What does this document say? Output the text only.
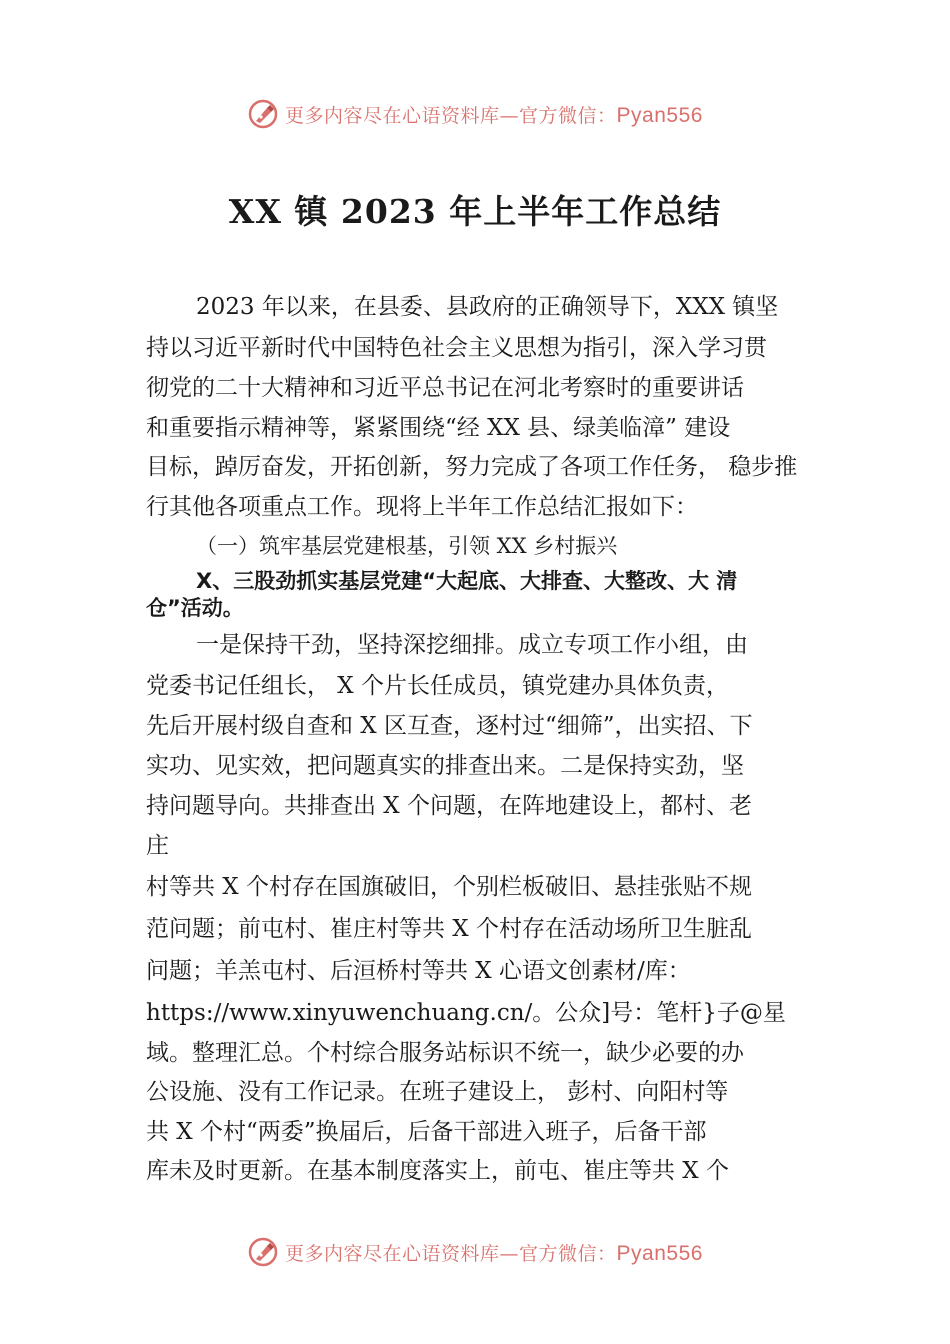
更多内容尽在心语资料库—官方微信：Pyan556
XX 镇 2023 年上半年工作总结

2023 年以来，在县委、县政府的正确领导下，XXX 镇坚

持以习近平新时代中国特色社会主义思想为指引，深入学习贯

彻党的二十大精神和习近平总书记在河北考察时的重要讲话

和重要指示精神等，紧紧围绕“经 XX 县、绿美临漳” 建设

目标，踔厉奋发，开拓创新，努力完成了各项工作任务， 稳步推

行其他各项重点工作。现将上半年工作总结汇报如下：

（一）筑牢基层党建根基，引领 XX 乡村振兴

X、三股劲抓实基层党建“大起底、大排查、大整改、大 清

仓”活动。

一是保持干劲，坚持深挖细排。成立专项工作小组，由

党委书记任组长， X 个片长任成员，镇党建办具体负责，

先后开展村级自查和 X 区互查，逐村过“细筛”，出实招、下

实功、见实效，把问题真实的排查出来。二是保持实劲，坚

持问题导向。共排查出 X 个问题，在阵地建设上，都村、老

庄

村等共 X 个村存在国旗破旧，个别栏板破旧、悬挂张贴不规

范问题；前屯村、崔庄村等共 X 个村存在活动场所卫生脏乱

问题；羊羔屯村、后洹桥村等共 X 心语文创素材/库：

https://www.xinyuwenchuang.cn/。公众]号：笔杆}子@星

域。整理汇总。个村综合服务站标识不统一，缺少必要的办

公设施、没有工作记录。在班子建设上， 彭村、向阳村等

共 X 个村“两委”换届后，后备干部进入班子，后备干部

库未及时更新。在基本制度落实上，前屯、崔庄等共 X 个

更多内容尽在心语资料库—官方微信：Pyan556
